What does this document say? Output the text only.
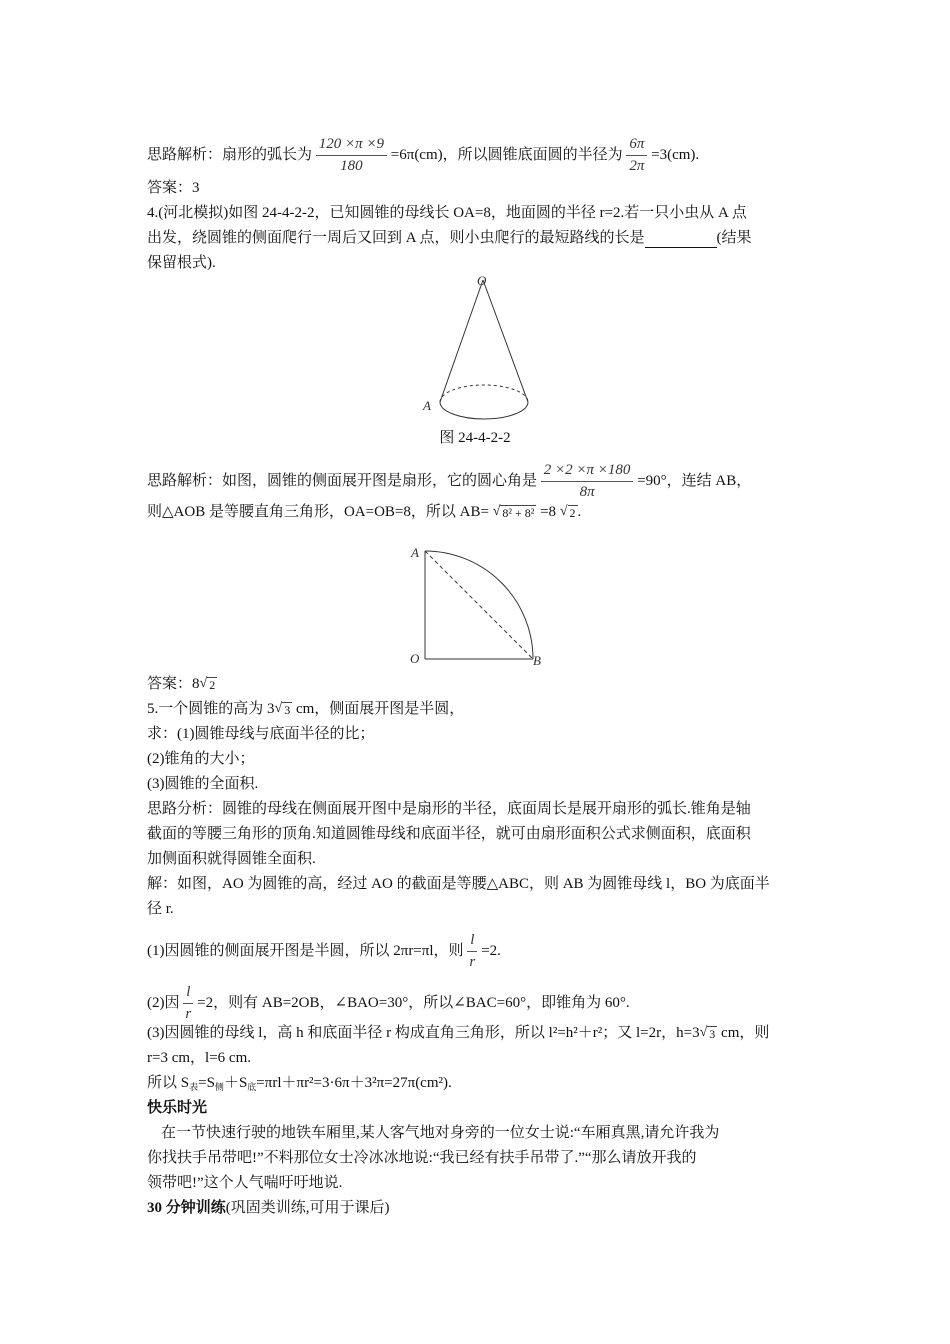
思路解析：扇形的弧长为 $\frac{120 \times\pi \times 9}{180} =6\pi(cm)$，所以圆锥底面圆的半径为 $\frac{6\pi}{2\pi} =3(cm)$.
答案：3
4.(河北模拟)如图 24-4-2-2，已知圆锥的母线长 OA=8，地面圆的半径 r=2.若一只小虫从 A 点
出发，绕圆锥的侧面爬行一周后又回到 A 点，则小虫爬行的最短路线的长是	(结果
保留根式).
O
A
图 24-4-2-2
思路解析：如图，圆锥的侧面展开图是扇形，它的圆心角是 $\frac{2 \times 2 \times\pi \times 180}{8\pi} =90^\circ$，连结 AB，
则△AOB 是等腰直角三角形，OA=OB=8，所以 AB= √ 8² + 8² =8 √ 2 .
A
O	B
答案：8 √ 2
5.一个圆锥的高为 3 √ 3 cm，侧面展开图是半圆，
求：(1)圆锥母线与底面半径的比；
(2)锥角的大小；
(3)圆锥的全面积.
思路分析：圆锥的母线在侧面展开图中是扇形的半径，底面周长是展开扇形的弧长.锥角是轴
截面的等腰三角形的顶角.知道圆锥母线和底面半径，就可由扇形面积公式求侧面积，底面积
加侧面积就得圆锥全面积.
解：如图，AO 为圆锥的高，经过 AO 的截面是等腰△ABC，则 AB 为圆锥母线 l，BO 为底面半
径 r.
(1)因圆锥的侧面展开图是半圆，所以 2πr=πl，则 $\frac{l}{r} =2$.
(2)因 $\frac{l}{r} =2$，则有 AB=2OB，∠BAO=30°，所以∠BAC=60°，即锥角为 60°.
(3)因圆锥的母线 l，高 h 和底面半径 r 构成直角三角形，所以 l²=h²＋r²；又 l=2r，h=3 √ 3 cm，则
r=3 cm，l=6 cm.
所以 $S_表=S_侧+S_底=\pi rl+\pi r^2=3\cdot 6\pi+3^2\pi=27\pi(cm^2)$.
快乐时光
在一节快速行驶的地铁车厢里,某人客气地对身旁的一位女士说:“车厢真黑,请允许我为
你找扶手吊带吧!”不料那位女士冷冰冰地说:“我已经有扶手吊带了.”“那么请放开我的
领带吧!”这个人气喘吁吁地说.
30 分钟训练(巩固类训练,可用于课后)
